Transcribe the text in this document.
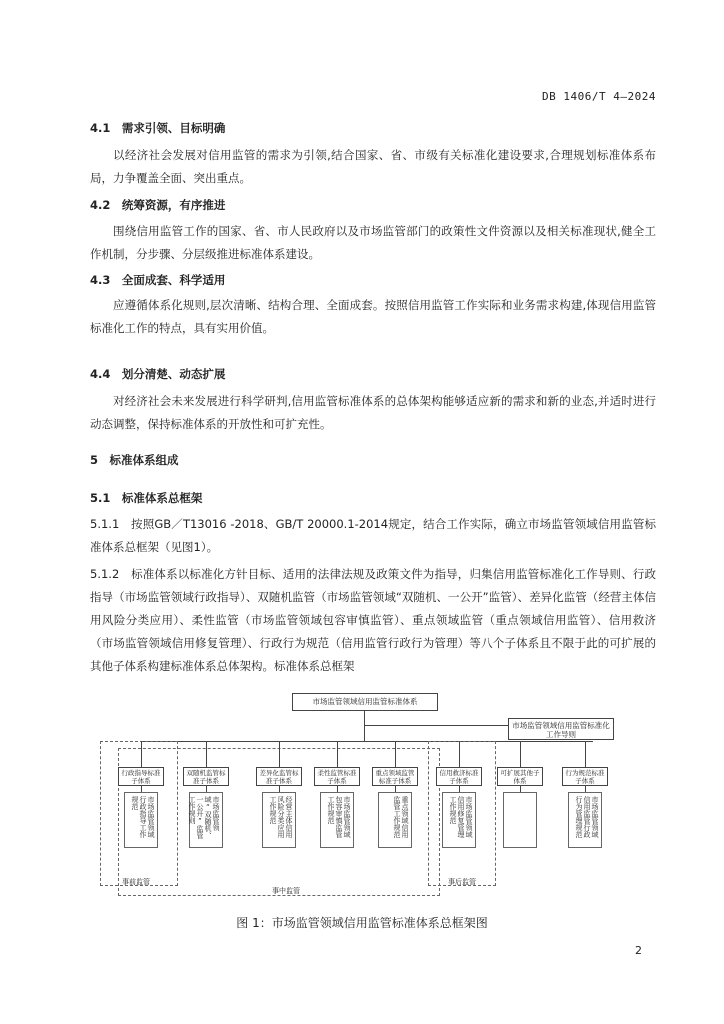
DB 1406/T 4—2024
4.1　需求引领、目标明确
以经济社会发展对信用监管的需求为引领,结合国家、省、市级有关标准化建设要求,合理规划标准体系布局，力争覆盖全面、突出重点。
4.2　统筹资源，有序推进
围绕信用监管工作的国家、省、市人民政府以及市场监管部门的政策性文件资源以及相关标准现状,健全工作机制，分步骤、分层级推进标准体系建设。
4.3　全面成套、科学适用
应遵循体系化规则,层次清晰、结构合理、全面成套。按照信用监管工作实际和业务需求构建,体现信用监管标准化工作的特点，具有实用价值。
4.4　划分清楚、动态扩展
对经济社会未来发展进行科学研判,信用监管标准体系的总体架构能够适应新的需求和新的业态,并适时进行动态调整，保持标准体系的开放性和可扩充性。
5　标准体系组成
5.1　标准体系总框架
5.1.1　按照GB／T13016 -2018、GB/T 20000.1-2014规定，结合工作实际，确立市场监管领域信用监管标准体系总框架（见图1）。
5.1.2　标准体系以标准化方针目标、适用的法律法规及政策文件为指导，归集信用监管标准化工作导则、行政指导（市场监管领域行政指导）、双随机监管（市场监管领域“双随机、一公开”监管）、差异化监管（经营主体信用风险分类应用）、柔性监管（市场监管领域包容审慎监管）、重点领域监管（重点领域信用监管）、信用救济（市场监管领域信用修复管理）、行政行为规范（信用监管行政行为管理）等八个子体系且不限于此的可扩展的其他子体系构建标准体系总体架构。标准体系总框架
市场监管领域信用监管标准体系
市场监管领域信用监管标准化工作导则
事前监管
事中监管
事后监管
行政指导标准子体系
市场监管领域行政指导工作规范
双随机监管标准子体系
市场监管领域“双随机、一公开”监管工作规则
差异化监管标准子体系
经营主体信用风险分类应用工作规范
柔性监管标准子体系
市场监管领域包容审慎监管工作规范
重点领域监管标准子体系
重点领域信用监管工作规范
信用救济标准子体系
市场监管领域信用修复管理工作规范
可扩展其他子体系
行为规范标准子体系
市场监管领域信用监管行政行为管理规范
图 1：市场监管领域信用监管标准体系总框架图
2
